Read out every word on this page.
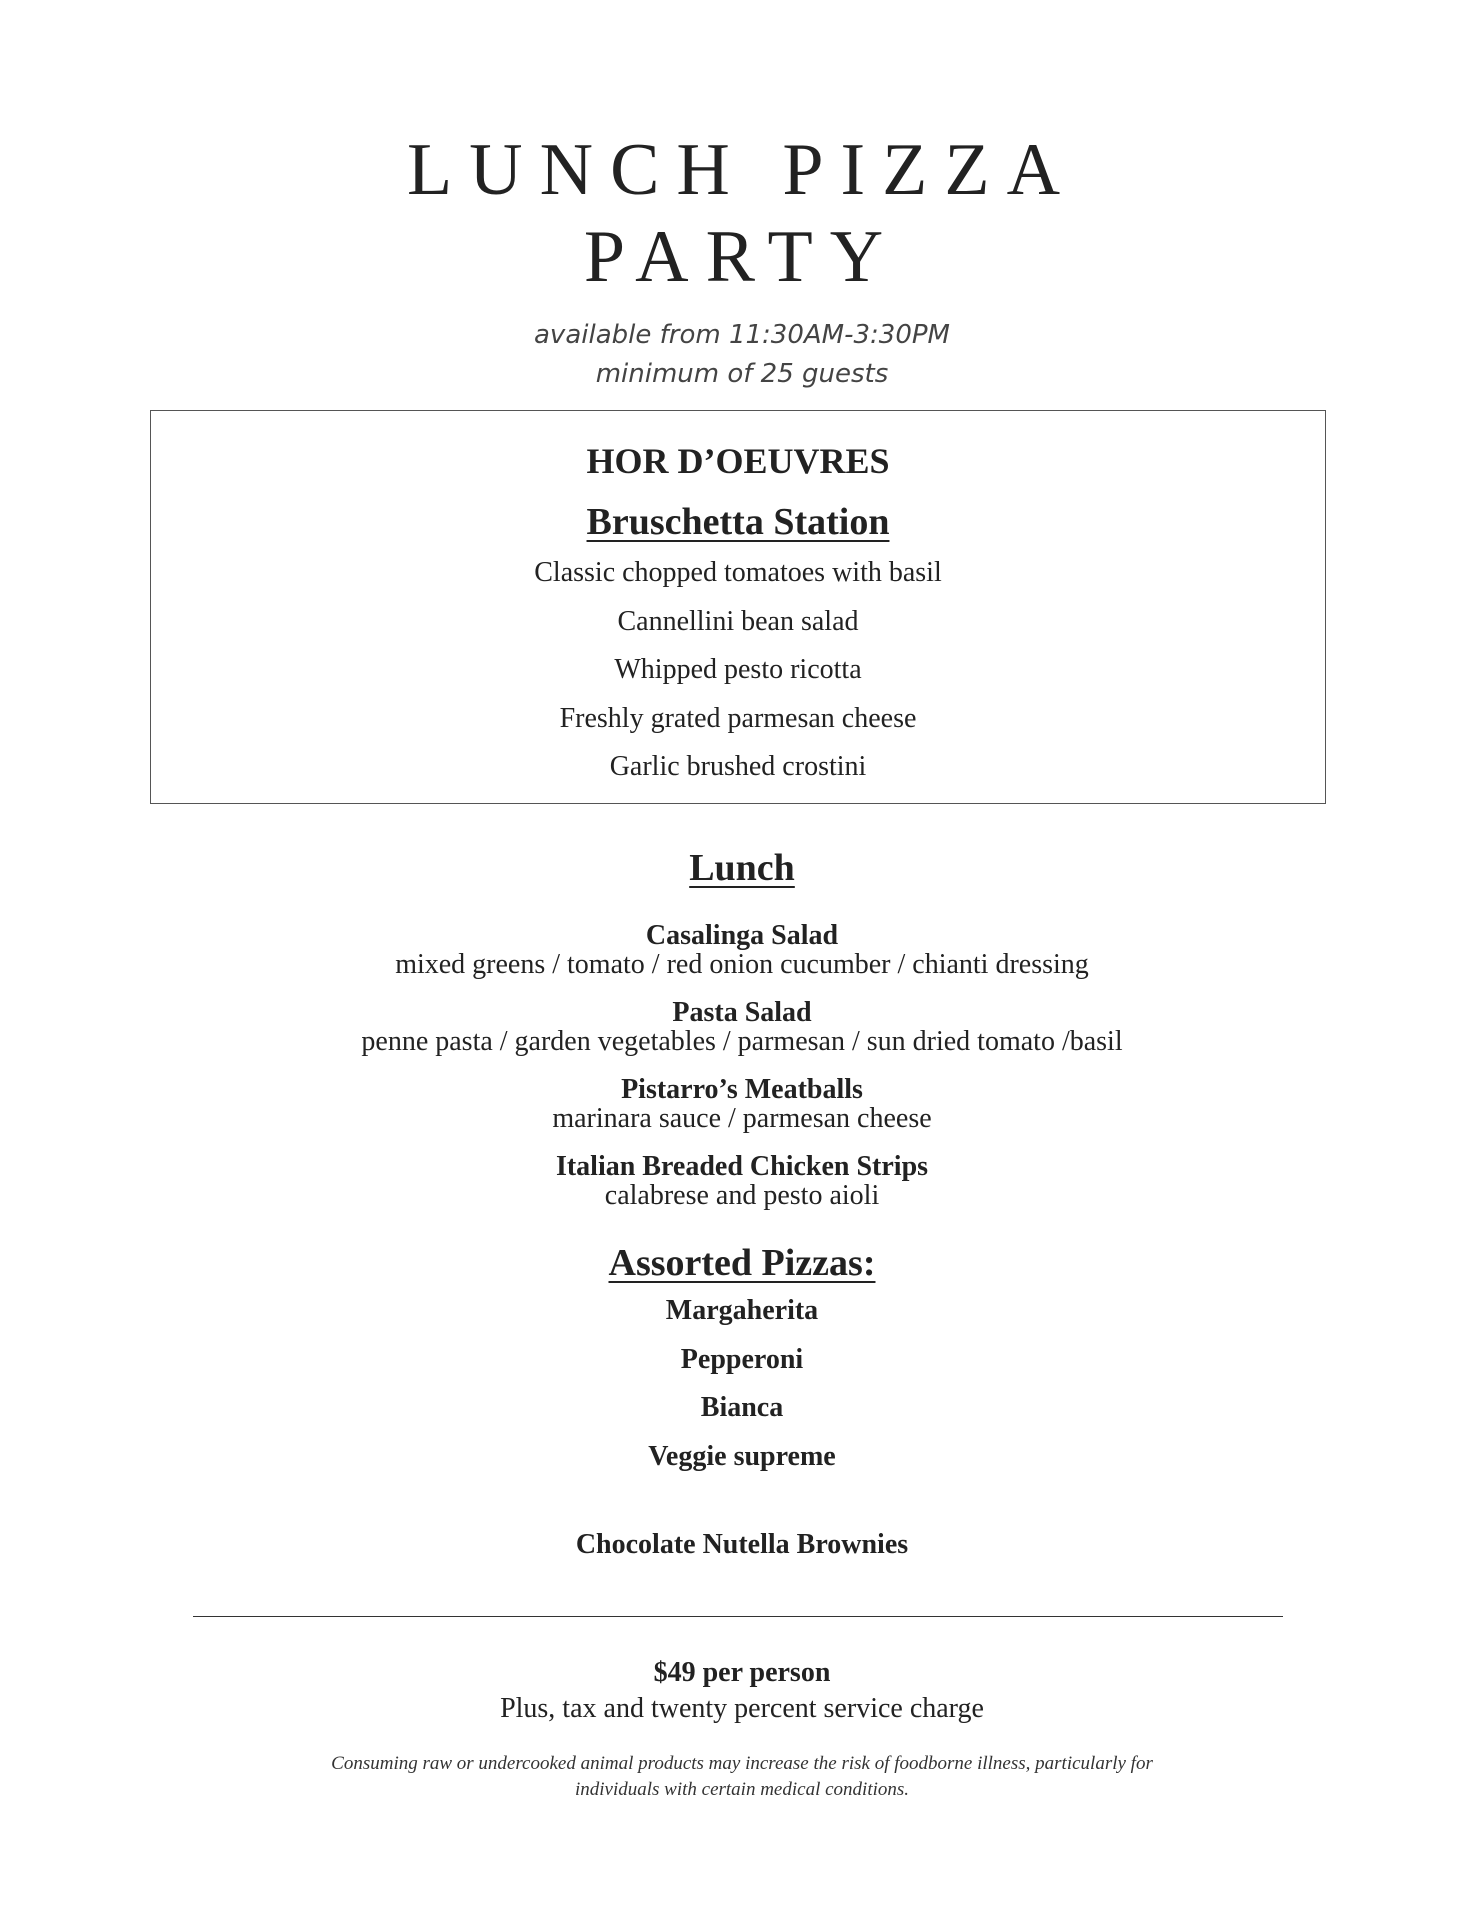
LUNCH PIZZA
PARTY
available from 11:30AM-3:30PM
minimum of 25 guests
HOR D’OEUVRES
Bruschetta Station
Classic chopped tomatoes with basil
Cannellini bean salad
Whipped pesto ricotta
Freshly grated parmesan cheese
Garlic brushed crostini
Lunch
Casalinga Salad
mixed greens / tomato / red onion cucumber / chianti dressing
Pasta Salad
penne pasta / garden vegetables / parmesan / sun dried tomato /basil
Pistarro’s Meatballs
marinara sauce / parmesan cheese
Italian Breaded Chicken Strips
calabrese and pesto aioli
Assorted Pizzas:
Margaherita
Pepperoni
Bianca
Veggie supreme
Chocolate Nutella Brownies
$49 per person
Plus, tax and twenty percent service charge
Consuming raw or undercooked animal products may increase the risk of foodborne illness, particularly for
individuals with certain medical conditions.
